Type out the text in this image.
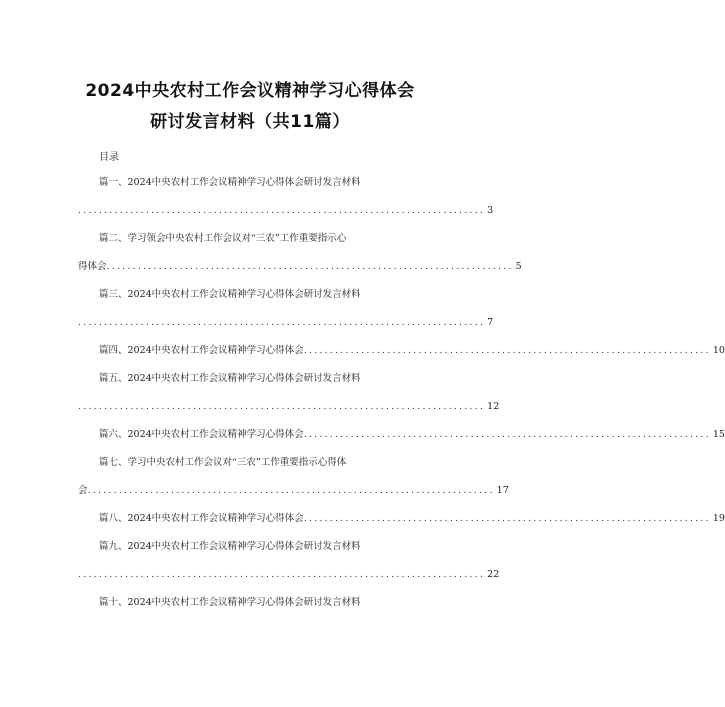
2024中央农村工作会议精神学习心得体会
研讨发言材料（共11篇）
目录
篇一、2024中央农村工作会议精神学习心得体会研讨发言材料
.............................................................................. 3
篇二、学习领会中央农村工作会议对“三农”工作重要指示心
得体会 .............................................................................. 5
篇三、2024中央农村工作会议精神学习心得体会研讨发言材料
.............................................................................. 7
篇四、2024中央农村工作会议精神学习心得体会 .............................................................................. 10
篇五、2024中央农村工作会议精神学习心得体会研讨发言材料
.............................................................................. 12
篇六、2024中央农村工作会议精神学习心得体会 .............................................................................. 15
篇七、学习中央农村工作会议对“三农”工作重要指示心得体
会 .............................................................................. 17
篇八、2024中央农村工作会议精神学习心得体会 .............................................................................. 19
篇九、2024中央农村工作会议精神学习心得体会研讨发言材料
.............................................................................. 22
篇十、2024中央农村工作会议精神学习心得体会研讨发言材料
